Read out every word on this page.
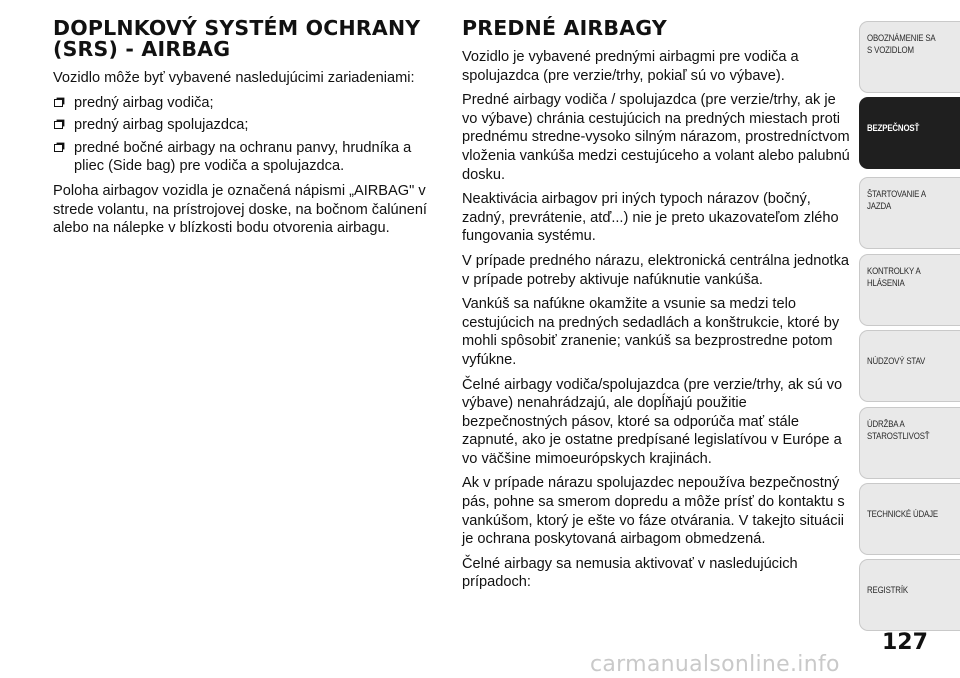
DOPLNKOVÝ SYSTÉM OCHRANY
(SRS) - AIRBAG

Vozidlo môže byť vybavené nasledujúcimi zariadeniami:

predný airbag vodiča;
predný airbag spolujazdca;
predné bočné airbagy na ochranu panvy, hrudníka a pliec (Side bag) pre vodiča a spolujazdca.

Poloha airbagov vozidla je označená nápismi „AIRBAG" v strede volantu, na prístrojovej doske, na bočnom čalúnení alebo na nálepke v blízkosti bodu otvorenia airbagu.

PREDNÉ AIRBAGY

Vozidlo je vybavené prednými airbagmi pre vodiča a spolujazdca (pre verzie/trhy, pokiaľ sú vo výbave).

Predné airbagy vodiča / spolujazdca (pre verzie/trhy, ak je vo výbave) chránia cestujúcich na predných miestach proti prednému stredne-vysoko silným nárazom, prostredníctvom vloženia vankúša medzi cestujúceho a volant alebo palubnú dosku.

Neaktivácia airbagov pri iných typoch nárazov (bočný, zadný, prevrátenie, atď...) nie je preto ukazovateľom zlého fungovania systému.

V prípade predného nárazu, elektronická centrálna jednotka v prípade potreby aktivuje nafúknutie vankúša.

Vankúš sa nafúkne okamžite a vsunie sa medzi telo cestujúcich na predných sedadlách a konštrukcie, ktoré by mohli spôsobiť zranenie; vankúš sa bezprostredne potom vyfúkne.

Čelné airbagy vodiča/spolujazdca (pre verzie/trhy, ak sú vo výbave) nenahrádzajú, ale dopĺňajú použitie bezpečnostných pásov, ktoré sa odporúča mať stále zapnuté, ako je ostatne predpísané legislatívou v Európe a vo väčšine mimoeurópskych krajinách.

Ak v prípade nárazu spolujazdec nepoužíva bezpečnostný pás, pohne sa smerom dopredu a môže prísť do kontaktu s vankúšom, ktorý je ešte vo fáze otvárania. V takejto situácii je ochrana poskytovaná airbagom obmedzená.

Čelné airbagy sa nemusia aktivovať v nasledujúcich prípadoch:

OBOZNÁMENIE SA
S VOZIDLOM
BEZPEČNOSŤ
ŠTARTOVANIE A
JAZDA
KONTROLKY A
HLÁSENIA
NÚDZOVÝ STAV
ÚDRŽBA A
STAROSTLIVOSŤ
TECHNICKÉ ÚDAJE
REGISTRÍK
127
carmanualsonline.info
